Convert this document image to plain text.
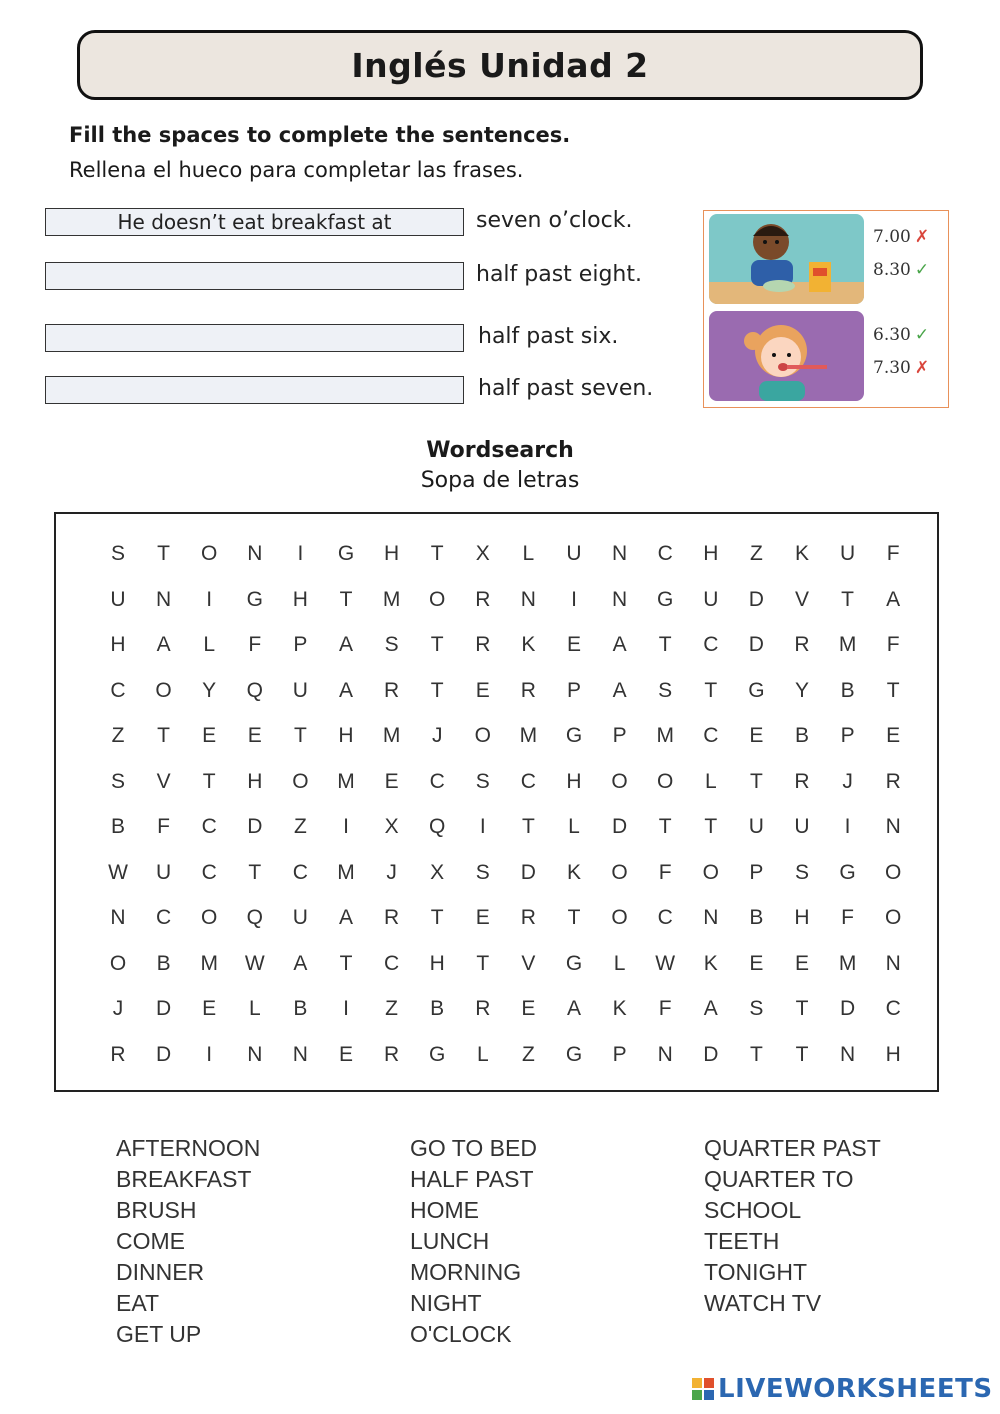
Inglés Unidad 2
Fill the spaces to complete the sentences.
Rellena el hueco para completar las frases.
He doesn’t eat breakfast at
seven o’clock.
half past eight.
half past six.
half past seven.
7.00 ✗
8.30 ✓
6.30 ✓
7.30 ✗
Wordsearch
Sopa de letras
S	T	O	N	I	G	H	T	X	L	U	N	C	H	Z	K	U	F
U	N	I	G	H	T	M	O	R	N	I	N	G	U	D	V	T	A
H	A	L	F	P	A	S	T	R	K	E	A	T	C	D	R	M	F
C	O	Y	Q	U	A	R	T	E	R	P	A	S	T	G	Y	B	T
Z	T	E	E	T	H	M	J	O	M	G	P	M	C	E	B	P	E
S	V	T	H	O	M	E	C	S	C	H	O	O	L	T	R	J	R
B	F	C	D	Z	I	X	Q	I	T	L	D	T	T	U	U	I	N
W	U	C	T	C	M	J	X	S	D	K	O	F	O	P	S	G	O
N	C	O	Q	U	A	R	T	E	R	T	O	C	N	B	H	F	O
O	B	M	W	A	T	C	H	T	V	G	L	W	K	E	E	M	N
J	D	E	L	B	I	Z	B	R	E	A	K	F	A	S	T	D	C
R	D	I	N	N	E	R	G	L	Z	G	P	N	D	T	T	N	H
AFTERNOON
BREAKFAST
BRUSH
COME
DINNER
EAT
GET UP
GO TO BED
HALF PAST
HOME
LUNCH
MORNING
NIGHT
O'CLOCK
QUARTER PAST
QUARTER TO
SCHOOL
TEETH
TONIGHT
WATCH TV
LIVEWORKSHEETS
